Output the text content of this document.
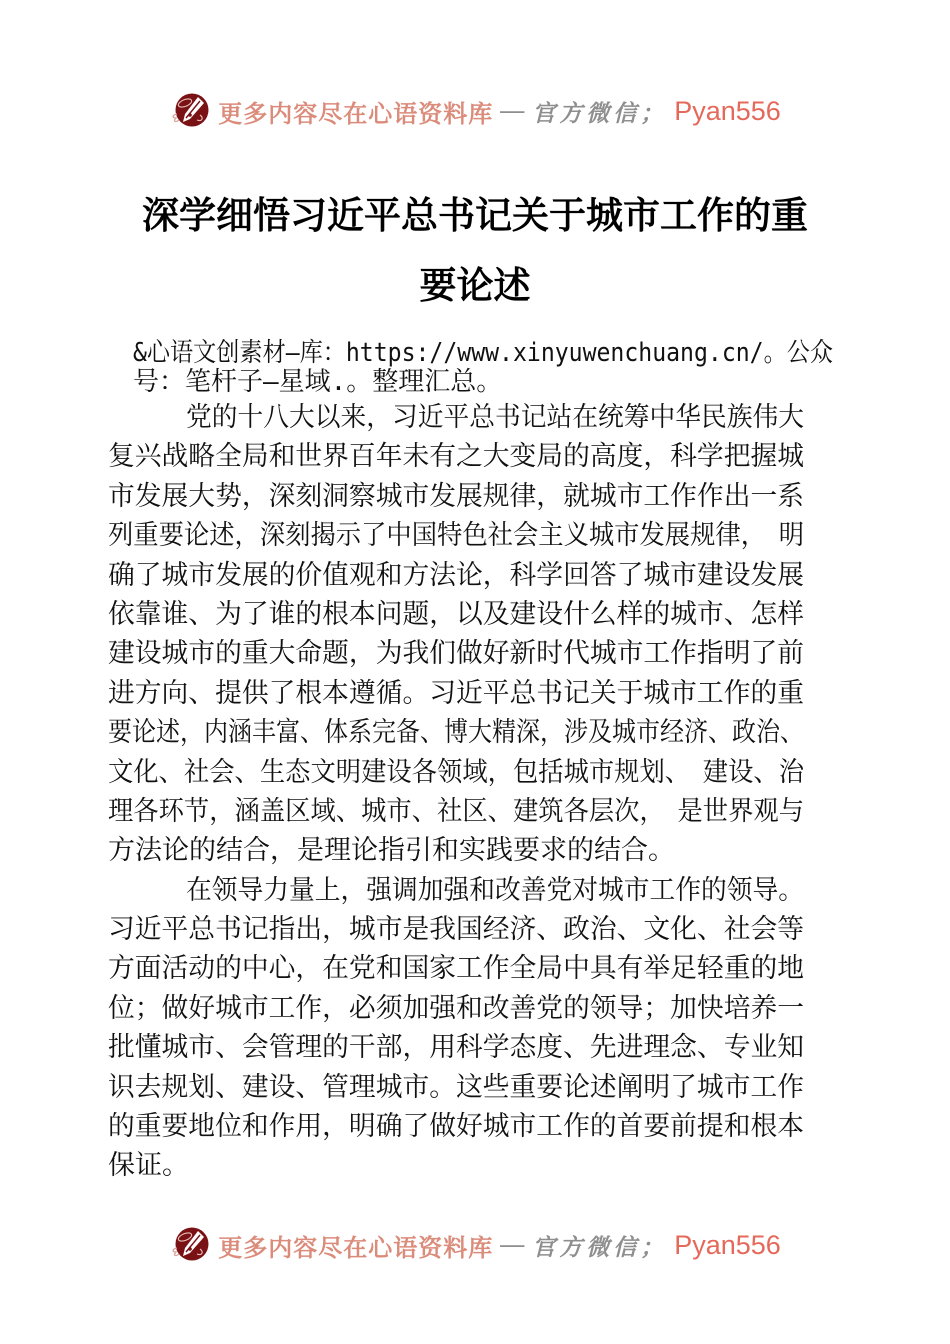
更多内容尽在心语资料库 — 官方微信； Pyan556
深学细悟习近平总书记关于城市工作的重
要论述
&心语文创素材—库：https://www.xinyuwenchuang.cn/。公众
号：笔杆子—星域.。整理汇总。
党的十八大以来，习近平总书记站在统筹中华民族伟大
复兴战略全局和世界百年未有之大变局的高度，科学把握城
市发展大势，深刻洞察城市发展规律，就城市工作作出一系
列重要论述，深刻揭示了中国特色社会主义城市发展规律，　明
确了城市发展的价值观和方法论，科学回答了城市建设发展
依靠谁、为了谁的根本问题，以及建设什么样的城市、怎样
建设城市的重大命题，为我们做好新时代城市工作指明了前
进方向、提供了根本遵循。习近平总书记关于城市工作的重
要论述，内涵丰富、体系完备、博大精深，涉及城市经济、政治、
文化、社会、生态文明建设各领域，包括城市规划、　建设、治
理各环节，涵盖区域、城市、社区、建筑各层次，　是世界观与
方法论的结合，是理论指引和实践要求的结合。
在领导力量上，强调加强和改善党对城市工作的领导。
习近平总书记指出，城市是我国经济、政治、文化、社会等
方面活动的中心，在党和国家工作全局中具有举足轻重的地
位；做好城市工作，必须加强和改善党的领导；加快培养一
批懂城市、会管理的干部，用科学态度、先进理念、专业知
识去规划、建设、管理城市。这些重要论述阐明了城市工作
的重要地位和作用，明确了做好城市工作的首要前提和根本
保证。
更多内容尽在心语资料库 — 官方微信； Pyan556
